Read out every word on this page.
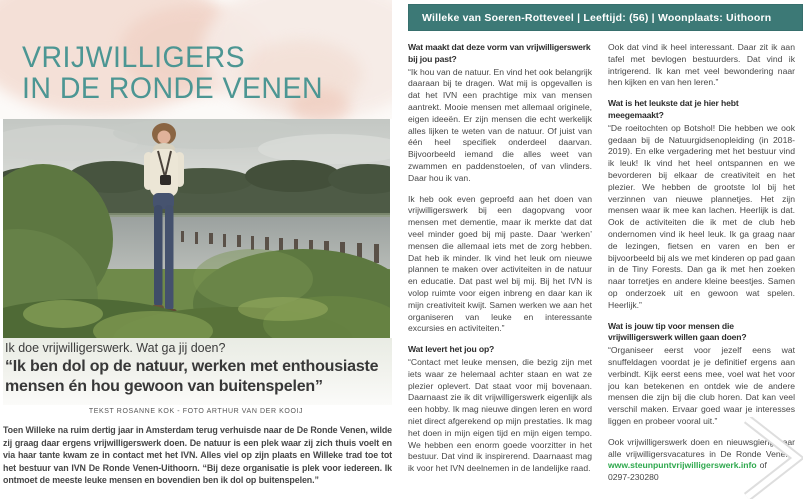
Willeke van Soeren-Rotteveel | Leeftijd: (56) | Woonplaats: Uithoorn
VRIJWILLIGERS
IN DE RONDE VENEN

Ik doe vrijwilligerswerk. Wat ga jij doen?

“Ik ben dol op de natuur, werken met enthousiaste
mensen én hou gewoon van buitenspelen”
TEKST ROSANNE KOK - FOTO ARTHUR VAN DER KOOIJ

Toen Willeke na ruim dertig jaar in Amsterdam terug verhuisde naar de De Ronde Venen, wilde zij graag daar ergens vrijwilligerswerk doen. De natuur is een plek waar zij zich thuis voelt en via haar tante kwam ze in contact met het IVN. Alles viel op zijn plaats en Willeke trad toe tot het bestuur van IVN De Ronde Venen-Uithoorn. “Bij deze organisatie is plek voor iedereen. Ik ontmoet de meeste leuke mensen en bovendien ben ik dol op buitenspelen.”

Wat maakt dat deze vorm van vrijwilligerswerk bij jou past?

“Ik hou van de natuur. En vind het ook belangrijk daaraan bij te dragen. Wat mij is opgevallen is dat het IVN een prachtige mix van mensen aantrekt. Mooie mensen met allemaal originele, eigen ideeën. Er zijn mensen die echt werkelijk alles lijken te weten van de natuur. Of juist van één heel specifiek onderdeel daarvan. Bijvoorbeeld iemand die alles weet van zwammen en paddenstoelen, of van vlinders. Daar hou ik van.

Ik heb ook even geproefd aan het doen van vrijwilligerswerk bij een dagopvang voor mensen met dementie, maar ik merkte dat dat veel minder goed bij mij paste. Daar ‘werken’ mensen die allemaal iets met de zorg hebben. Dat heb ik minder. Ik vind het leuk om nieuwe plannen te maken over activiteiten in de natuur en educatie. Dat past wel bij mij. Bij het IVN is volop ruimte voor eigen inbreng en daar kan ik mijn creativiteit kwijt. Samen werken we aan het organiseren van leuke en interessante excursies en activiteiten.”

Wat levert het jou op?

“Contact met leuke mensen, die bezig zijn met iets waar ze helemaal achter staan en wat ze plezier oplevert. Dat staat voor mij bovenaan. Daarnaast zie ik dit vrijwilligerswerk eigenlijk als een hobby. Ik mag nieuwe dingen leren en word niet direct afgerekend op mijn prestaties. Ik mag het doen in mijn eigen tijd en mijn eigen tempo. We hebben een enorm goede voorzitter in het bestuur. Dat vind ik inspirerend. Daarnaast mag ik voor het IVN deelnemen in de landelijke raad.

Ook dat vind ik heel interessant. Daar zit ik aan tafel met bevlogen bestuurders. Dat vind ik intrigerend. Ik kan met veel bewondering naar hen kijken en van hen leren.”

Wat is het leukste dat je hier hebt meegemaakt?

“De roeitochten op Botshol! Die hebben we ook gedaan bij de Natuurgidsenopleiding (in 2018-2019). En elke vergadering met het bestuur vind ik leuk! Ik vind het heel ontspannen en we bevorderen bij elkaar de creativiteit en het plezier. We hebben de grootste lol bij het verzinnen van nieuwe plannetjes. Het zijn mensen waar ik mee kan lachen. Heerlijk is dat. Ook de activiteiten die ik met de club heb ondernomen vind ik heel leuk. Ik ga graag naar de lezingen, fietsen en varen en ben er bijvoorbeeld bij als we met kinderen op pad gaan in de Tiny Forests. Dan ga ik met hen zoeken naar torretjes en andere kleine beestjes. Samen op onderzoek uit en gewoon wat spelen. Heerlijk.”

Wat is jouw tip voor mensen die vrijwilligerswerk willen gaan doen?

“Organiseer eerst voor jezelf eens wat snuffeldagen voordat je je definitief ergens aan verbindt. Kijk eerst eens mee, voel wat het voor jou kan betekenen en ontdek wie de andere mensen die zijn bij die club horen. Dat kan veel verschil maken. Ervaar goed waar je interesses liggen en probeer vooral uit.”

Ook vrijwilligerswerk doen en nieuwsgierig naar alle vrijwilligersvacatures in De Ronde Venen? www.steunpuntvrijwilligerswerk.info of
0297-230280
